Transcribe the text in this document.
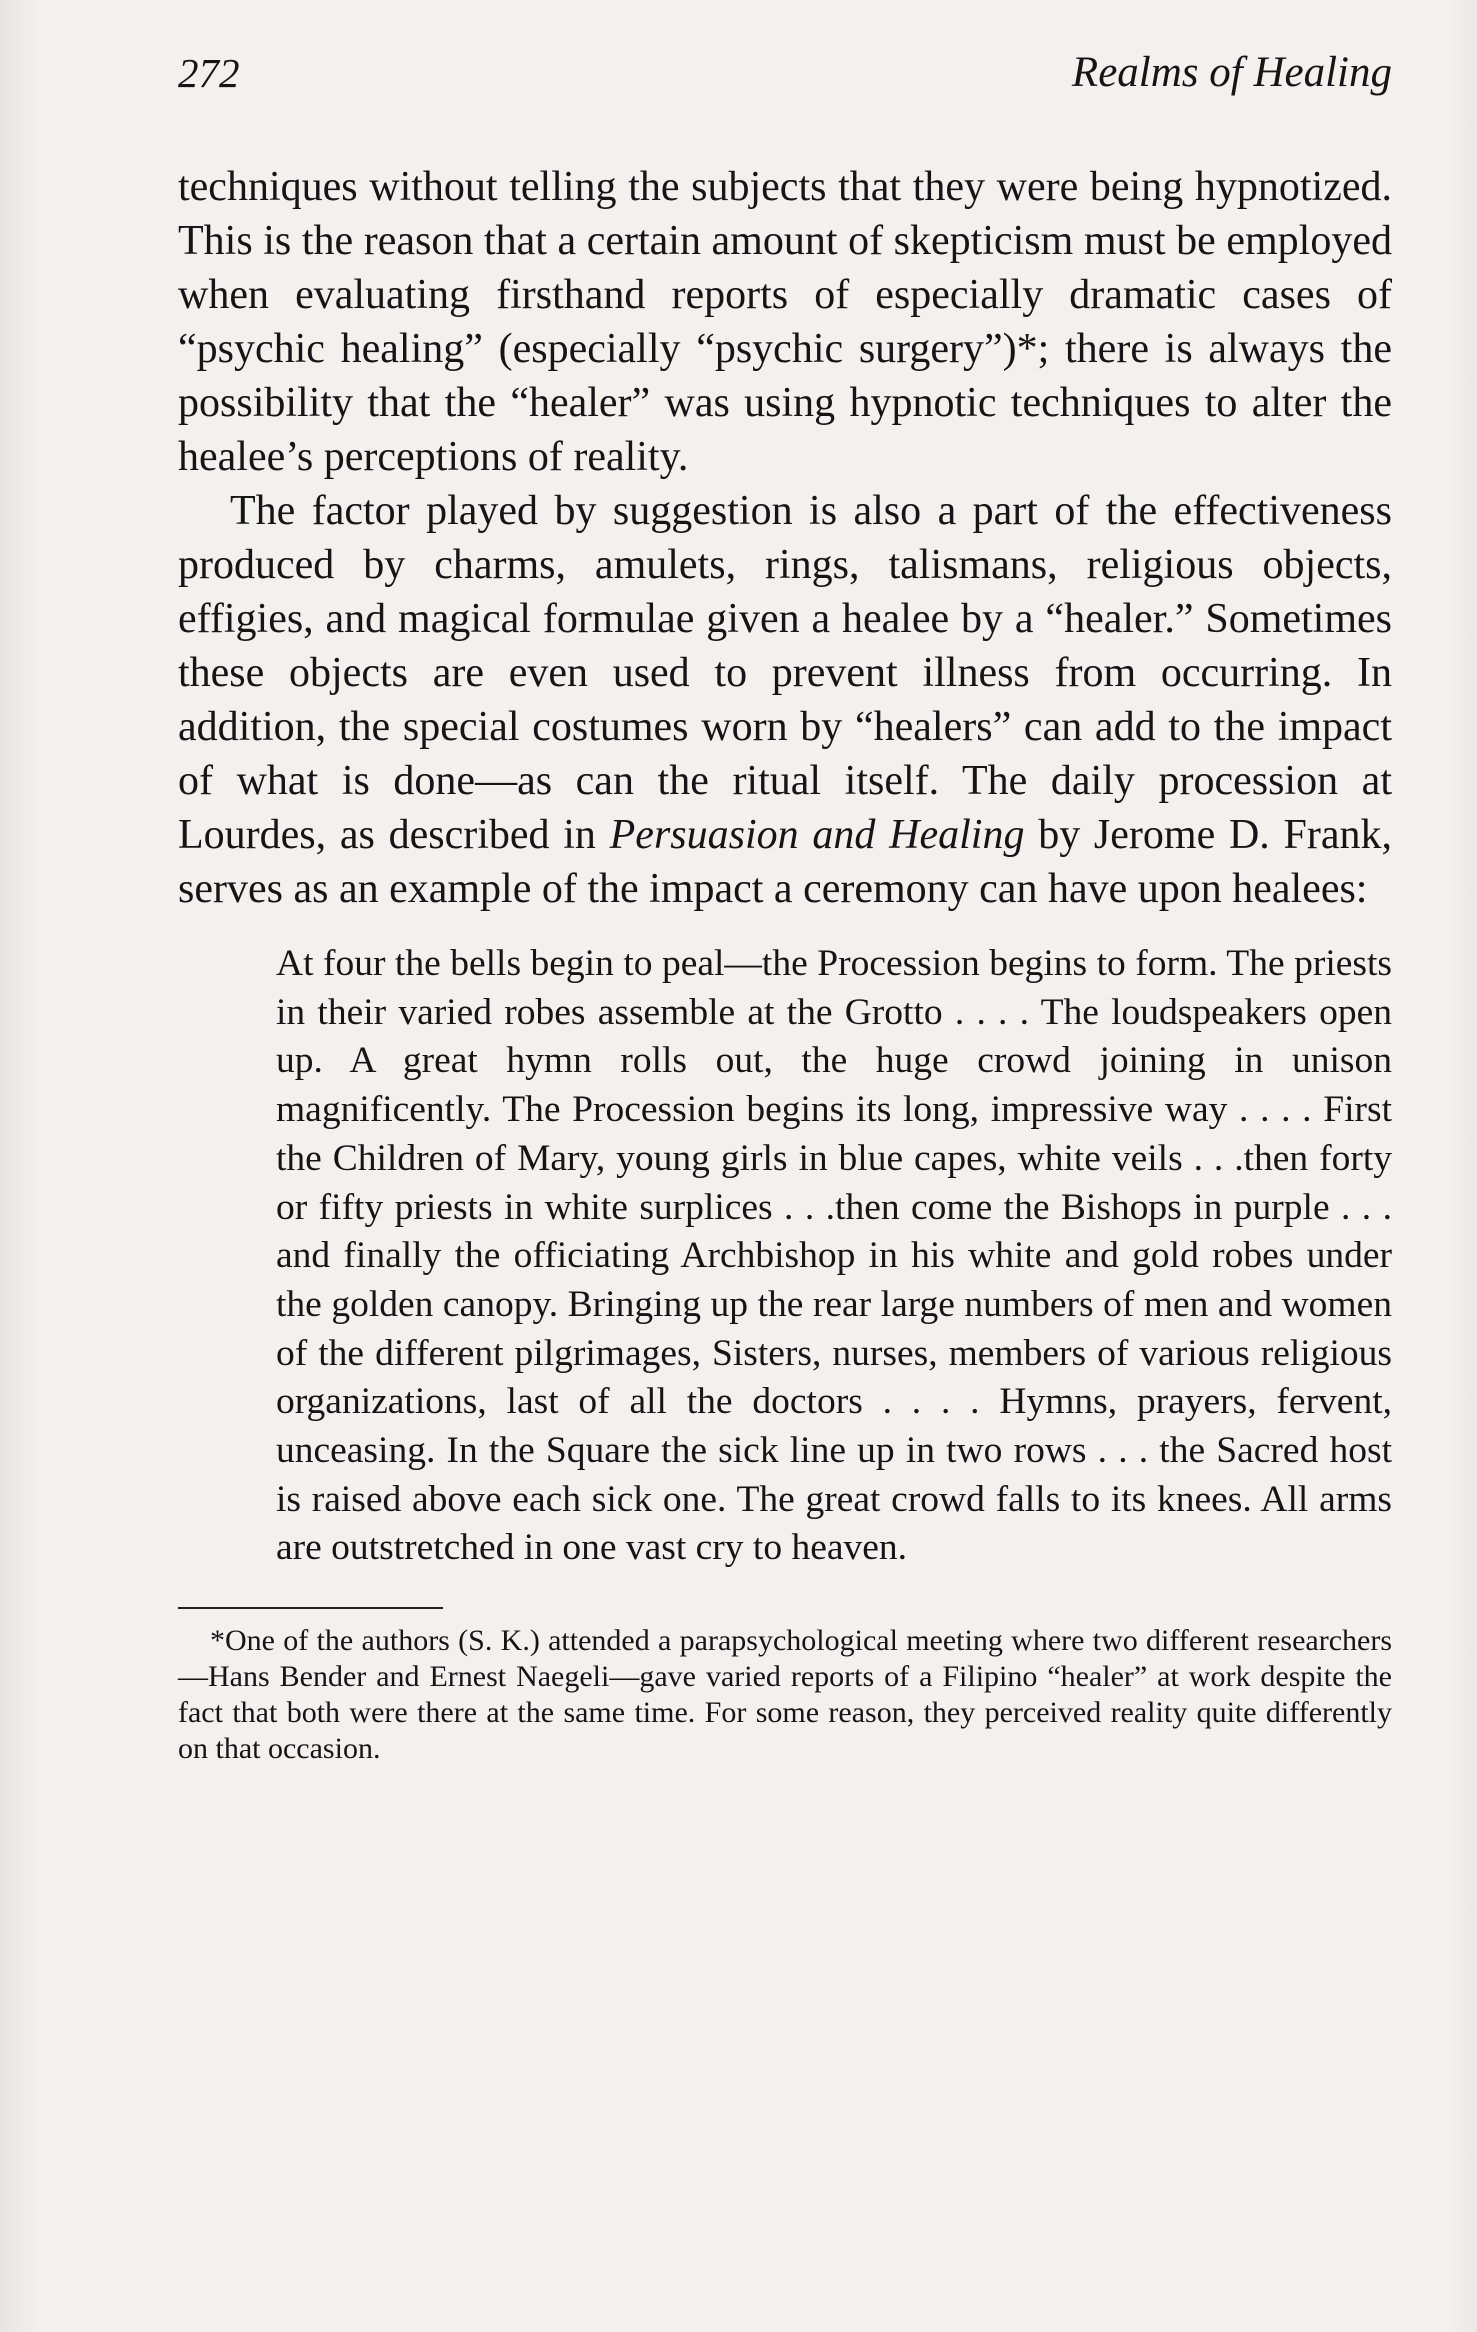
272	Realms of Healing

techniques without telling the subjects that they were being hypnotized. This is the reason that a certain amount of skepticism must be employed when evaluating firsthand reports of especially dramatic cases of “psychic healing” (especially “psychic surgery”)*; there is always the possibility that the “healer” was using hypnotic techniques to alter the healee’s perceptions of reality.

The factor played by suggestion is also a part of the effectiveness produced by charms, amulets, rings, talismans, religious objects, effigies, and magical formulae given a healee by a “healer.” Sometimes these objects are even used to prevent illness from occurring. In addition, the special costumes worn by “healers” can add to the impact of what is done—as can the ritual itself. The daily procession at Lourdes, as described in Persuasion and Healing by Jerome D. Frank, serves as an example of the impact a ceremony can have upon healees:

At four the bells begin to peal—the Procession begins to form. The priests in their varied robes assemble at the Grotto . . . . The loudspeakers open up. A great hymn rolls out, the huge crowd joining in unison magnificently. The Procession begins its long, impressive way . . . . First the Children of Mary, young girls in blue capes, white veils . . .then forty or fifty priests in white surplices . . .then come the Bishops in purple . . . and finally the officiating Archbishop in his white and gold robes under the golden canopy. Bringing up the rear large numbers of men and women of the different pilgrimages, Sisters, nurses, members of various religious organizations, last of all the doctors . . . . Hymns, prayers, fervent, unceasing. In the Square the sick line up in two rows . . . the Sacred host is raised above each sick one. The great crowd falls to its knees. All arms are outstretched in one vast cry to heaven.

*One of the authors (S. K.) attended a parapsychological meeting where two different researchers—Hans Bender and Ernest Naegeli—gave varied reports of a Filipino “healer” at work despite the fact that both were there at the same time. For some reason, they perceived reality quite differently on that occasion.
